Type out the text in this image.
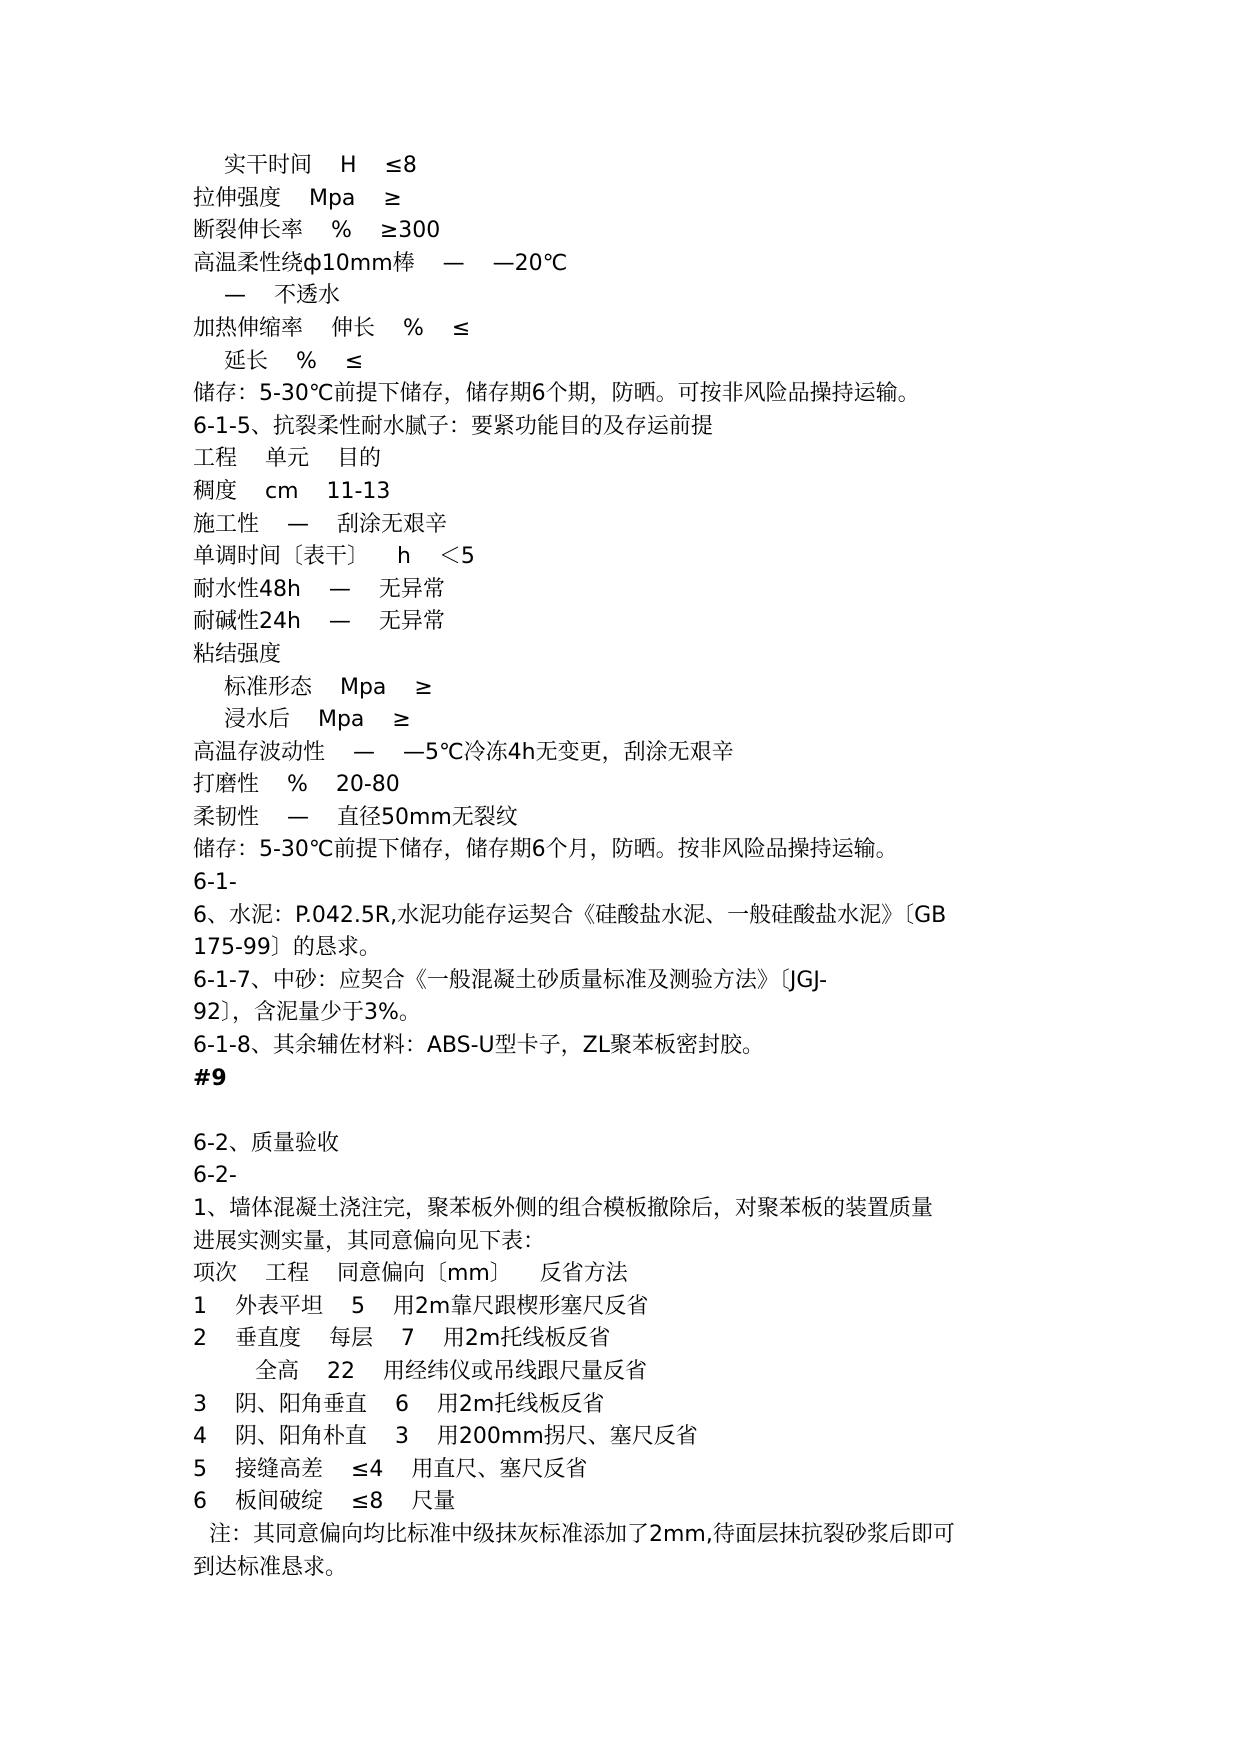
实干时间    H    ≤8
拉伸强度    Mpa    ≥
断裂伸长率    %    ≥300
高温柔性绕ф10mm棒    —    —20℃
—    不透水
加热伸缩率    伸长    %    ≤
延长    %    ≤
储存：5-30℃前提下储存，储存期6个期，防晒。可按非风险品操持运输。
6-1-5、抗裂柔性耐水腻子：要紧功能目的及存运前提
工程    单元    目的
稠度    cm    11-13
施工性    —    刮涂无艰辛
单调时间〔表干〕    h    ＜5
耐水性48h    —    无异常
耐碱性24h    —    无异常
粘结强度
标准形态    Mpa    ≥
浸水后    Mpa    ≥
高温存波动性    —    —5℃冷冻4h无变更，刮涂无艰辛
打磨性    %    20-80
柔韧性    —    直径50mm无裂纹
储存：5-30℃前提下储存，储存期6个月，防晒。按非风险品操持运输。
6-1-
6、水泥：P.042.5R,水泥功能存运契合《硅酸盐水泥、一般硅酸盐水泥》〔GB
175-99〕的恳求。
6-1-7、中砂：应契合《一般混凝土砂质量标准及测验方法》〔JGJ-
92〕，含泥量少于3%。
6-1-8、其余辅佐材料：ABS-U型卡子，ZL聚苯板密封胶。
#9
6-2、质量验收
6-2-
1、墙体混凝土浇注完，聚苯板外侧的组合模板撤除后，对聚苯板的装置质量
进展实测实量，其同意偏向见下表：
项次    工程    同意偏向〔mm〕    反省方法
1    外表平坦    5    用2m靠尺跟楔形塞尺反省
2    垂直度    每层    7    用2m托线板反省
全高    22    用经纬仪或吊线跟尺量反省
3    阴、阳角垂直    6    用2m托线板反省
4    阴、阳角朴直    3    用200mm拐尺、塞尺反省
5    接缝高差    ≤4    用直尺、塞尺反省
6    板间破绽    ≤8    尺量
注：其同意偏向均比标准中级抹灰标准添加了2mm,待面层抹抗裂砂浆后即可
到达标准恳求。
